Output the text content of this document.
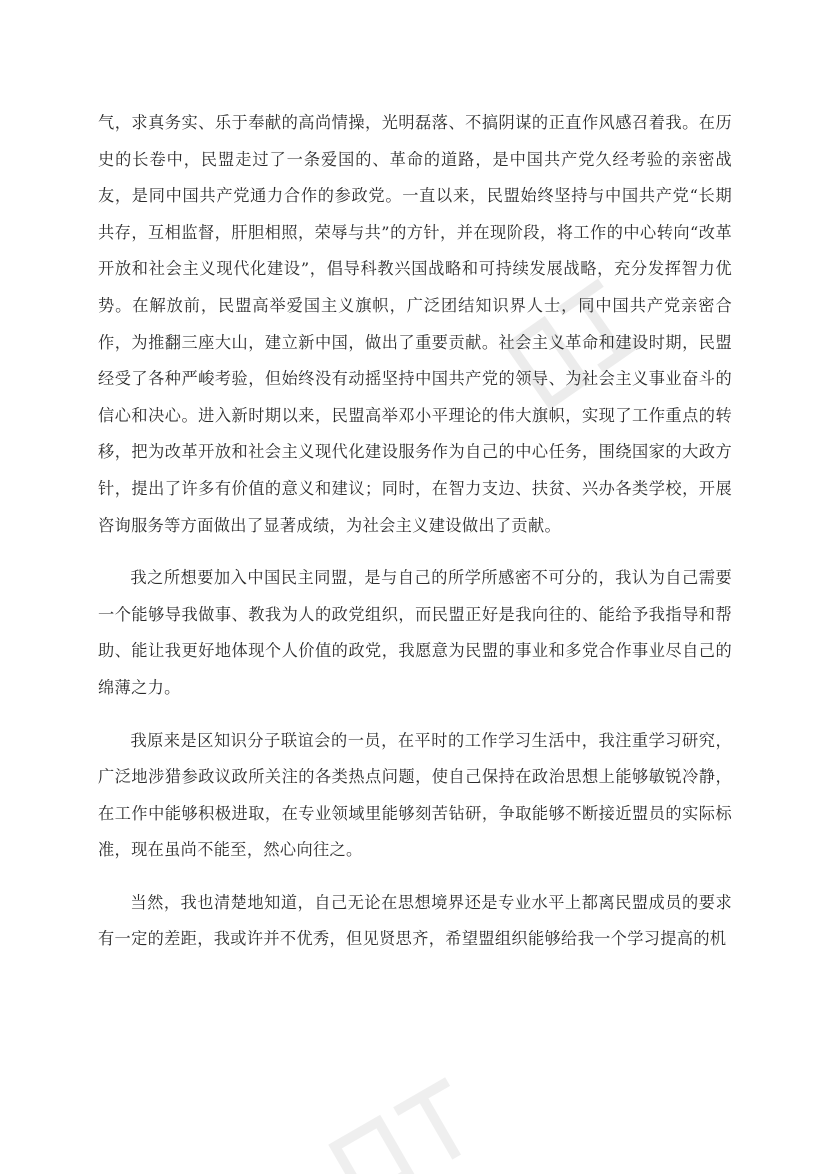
气，求真务实、乐于奉献的高尚情操，光明磊落、不搞阴谋的正直作风感召着我。在历史的长卷中，民盟走过了一条爱国的、革命的道路，是中国共产党久经考验的亲密战友，是同中国共产党通力合作的参政党。一直以来，民盟始终坚持与中国共产党“长期共存，互相监督，肝胆相照，荣辱与共”的方针，并在现阶段，将工作的中心转向“改革开放和社会主义现代化建设”，倡导科教兴国战略和可持续发展战略，充分发挥智力优势。在解放前，民盟高举爱国主义旗帜，广泛团结知识界人士，同中国共产党亲密合作，为推翻三座大山，建立新中国，做出了重要贡献。社会主义革命和建设时期，民盟经受了各种严峻考验，但始终没有动摇坚持中国共产党的领导、为社会主义事业奋斗的信心和决心。进入新时期以来，民盟高举邓小平理论的伟大旗帜，实现了工作重点的转移，把为改革开放和社会主义现代化建设服务作为自己的中心任务，围绕国家的大政方针，提出了许多有价值的意义和建议；同时，在智力支边、扶贫、兴办各类学校，开展咨询服务等方面做出了显著成绩，为社会主义建设做出了贡献。

我之所想要加入中国民主同盟，是与自己的所学所感密不可分的，我认为自己需要一个能够导我做事、教我为人的政党组织，而民盟正好是我向往的、能给予我指导和帮助、能让我更好地体现个人价值的政党，我愿意为民盟的事业和多党合作事业尽自己的绵薄之力。

我原来是区知识分子联谊会的一员，在平时的工作学习生活中，我注重学习研究，广泛地涉猎参政议政所关注的各类热点问题，使自己保持在政治思想上能够敏锐冷静，在工作中能够积极进取，在专业领域里能够刻苦钻研，争取能够不断接近盟员的实际标准，现在虽尚不能至，然心向往之。

当然，我也清楚地知道，自己无论在思想境界还是专业水平上都离民盟成员的要求有一定的差距，我或许并不优秀，但见贤思齐，希望盟组织能够给我一个学习提高的机
